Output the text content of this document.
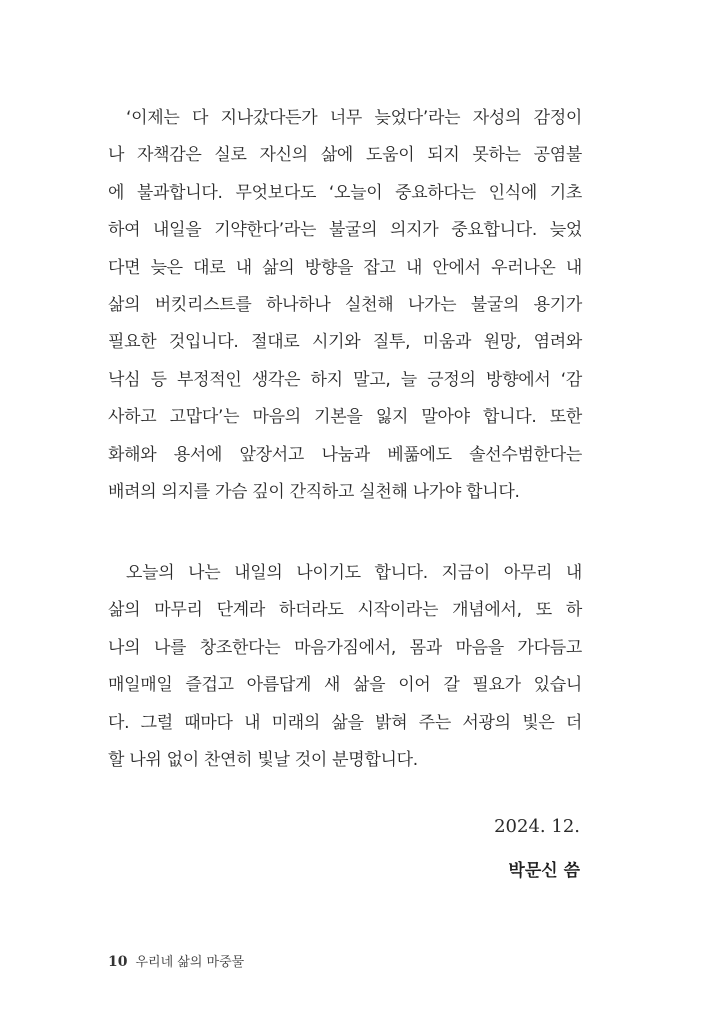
‘이제는 다 지나갔다든가 너무 늦었다’라는 자성의 감정이
나 자책감은 실로 자신의 삶에 도움이 되지 못하는 공염불
에 불과합니다. 무엇보다도 ‘오늘이 중요하다는 인식에 기초
하여 내일을 기약한다’라는 불굴의 의지가 중요합니다. 늦었
다면 늦은 대로 내 삶의 방향을 잡고 내 안에서 우러나온 내
삶의 버킷리스트를 하나하나 실천해 나가는 불굴의 용기가
필요한 것입니다. 절대로 시기와 질투, 미움과 원망, 염려와
낙심 등 부정적인 생각은 하지 말고, 늘 긍정의 방향에서 ‘감
사하고 고맙다’는 마음의 기본을 잃지 말아야 합니다. 또한
화해와 용서에 앞장서고 나눔과 베풂에도 솔선수범한다는
배려의 의지를 가슴 깊이 간직하고 실천해 나가야 합니다.
오늘의 나는 내일의 나이기도 합니다. 지금이 아무리 내
삶의 마무리 단계라 하더라도 시작이라는 개념에서, 또 하
나의 나를 창조한다는 마음가짐에서, 몸과 마음을 가다듬고
매일매일 즐겁고 아름답게 새 삶을 이어 갈 필요가 있습니
다. 그럴 때마다 내 미래의 삶을 밝혀 주는 서광의 빛은 더
할 나위 없이 찬연히 빛날 것이 분명합니다.
2024. 12.
박문신 씀
10 우리네 삶의 마중물
